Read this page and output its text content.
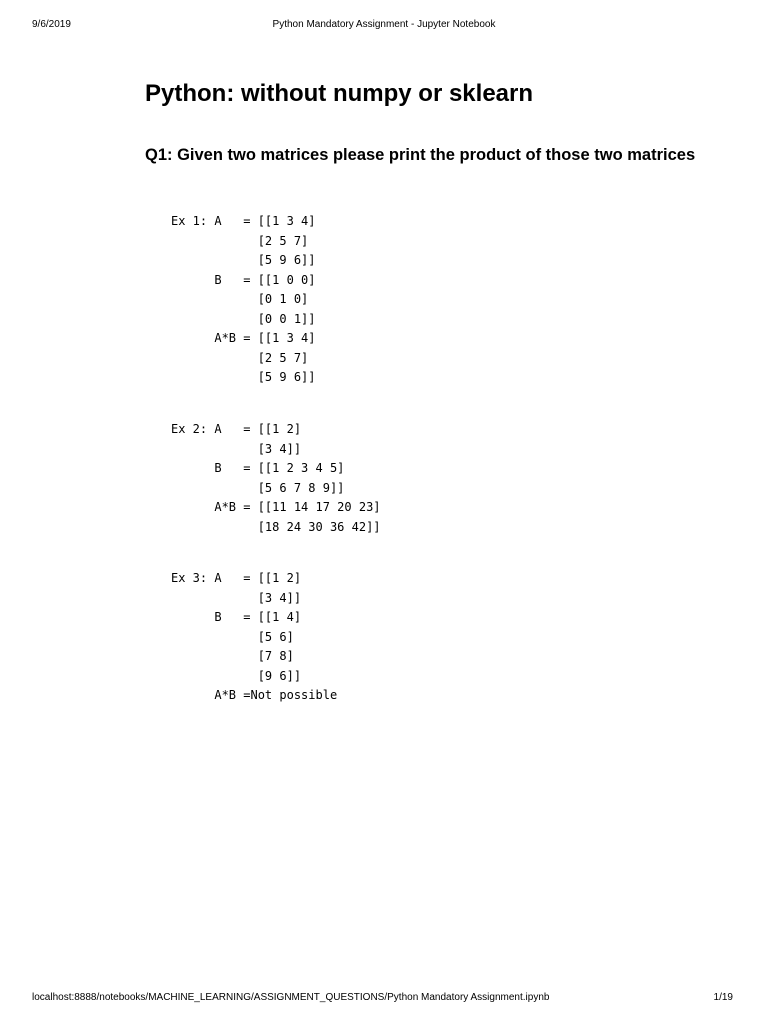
9/6/2019	Python Mandatory Assignment - Jupyter Notebook
Python: without numpy or sklearn
Q1: Given two matrices please print the product of those two matrices
Ex 1: A   = [[1 3 4]
[2 5 7]
[5 9 6]]
B   = [[1 0 0]
[0 1 0]
[0 0 1]]
A*B = [[1 3 4]
[2 5 7]
[5 9 6]]
Ex 2: A   = [[1 2]
[3 4]]
B   = [[1 2 3 4 5]
[5 6 7 8 9]]
A*B = [[11 14 17 20 23]
[18 24 30 36 42]]
Ex 3: A   = [[1 2]
[3 4]]
B   = [[1 4]
[5 6]
[7 8]
[9 6]]
A*B =Not possible
localhost:8888/notebooks/MACHINE_LEARNING/ASSIGNMENT_QUESTIONS/Python Mandatory Assignment.ipynb	1/19
